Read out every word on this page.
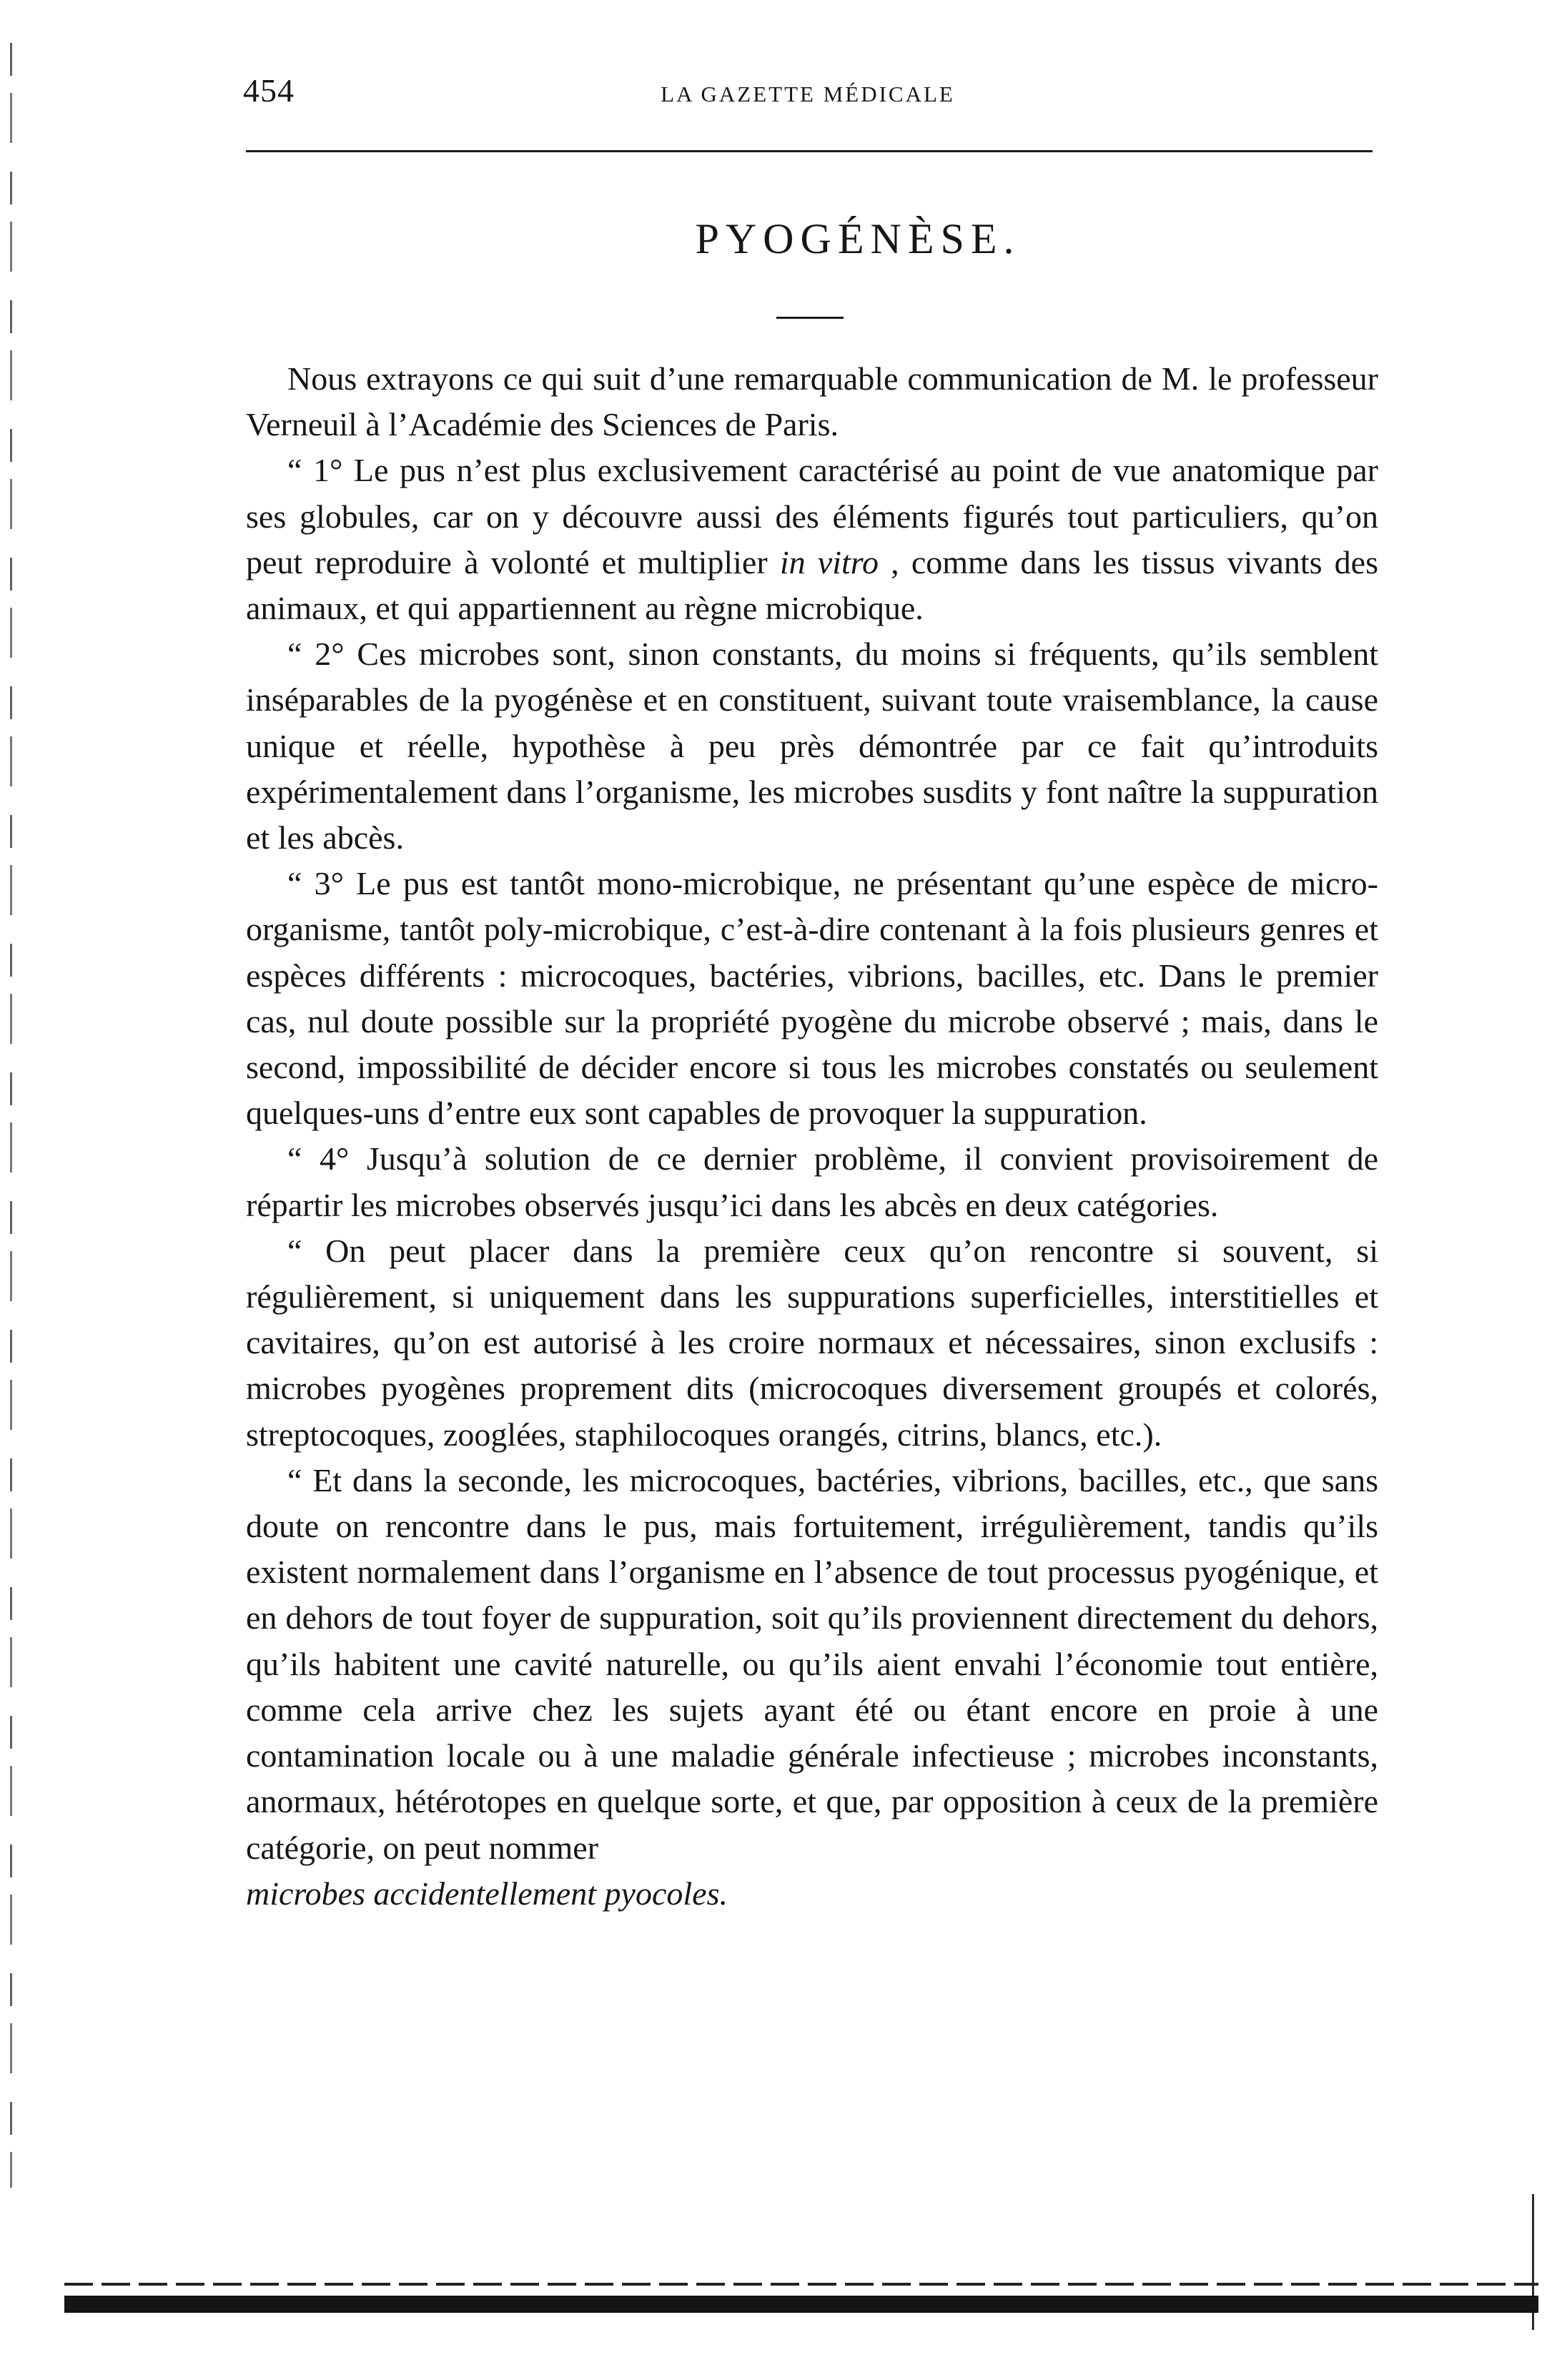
454	LA GAZETTE MÉDICALE
PYOGÉNÈSE.

Nous extrayons ce qui suit d’une remarquable communication de M. le professeur Verneuil à l’Académie des Sciences de Paris.

“ 1° Le pus n’est plus exclusivement caractérisé au point de vue anatomique par ses globules, car on y découvre aussi des éléments figurés tout particuliers, qu’on peut reproduire à volonté et multiplier in vitro , comme dans les tissus vivants des animaux, et qui appartiennent au règne microbique.

“ 2° Ces microbes sont, sinon constants, du moins si fréquents, qu’ils semblent inséparables de la pyogénèse et en constituent, suivant toute vraisemblance, la cause unique et réelle, hypothèse à peu près démontrée par ce fait qu’introduits expérimentalement dans l’organisme, les microbes susdits y font naître la suppuration et les abcès.

“ 3° Le pus est tantôt mono-microbique, ne présentant qu’une espèce de micro-organisme, tantôt poly-microbique, c’est-à-dire contenant à la fois plusieurs genres et espèces différents : microcoques, bactéries, vibrions, bacilles, etc. Dans le premier cas, nul doute possible sur la propriété pyogène du microbe observé ; mais, dans le second, impossibilité de décider encore si tous les microbes constatés ou seulement quelques-uns d’entre eux sont capables de provoquer la suppuration.

“ 4° Jusqu’à solution de ce dernier problème, il convient provisoirement de répartir les microbes observés jusqu’ici dans les abcès en deux catégories.

“ On peut placer dans la première ceux qu’on rencontre si souvent, si régulièrement, si uniquement dans les suppurations superficielles, interstitielles et cavitaires, qu’on est autorisé à les croire normaux et nécessaires, sinon exclusifs : microbes pyogènes proprement dits (microcoques diversement groupés et colorés, streptocoques, zooglées, staphilocoques orangés, citrins, blancs, etc.).

“ Et dans la seconde, les microcoques, bactéries, vibrions, bacilles, etc., que sans doute on rencontre dans le pus, mais fortuitement, irrégulièrement, tandis qu’ils existent normalement dans l’organisme en l’absence de tout processus pyogénique, et en dehors de tout foyer de suppuration, soit qu’ils proviennent directement du dehors, qu’ils habitent une cavité naturelle, ou qu’ils aient envahi l’économie tout entière, comme cela arrive chez les sujets ayant été ou étant encore en proie à une contamination locale ou à une maladie générale infectieuse ; microbes inconstants, anormaux, hétérotopes en quelque sorte, et que, par opposition à ceux de la première catégorie, on peut nommer

microbes accidentellement pyocoles.
